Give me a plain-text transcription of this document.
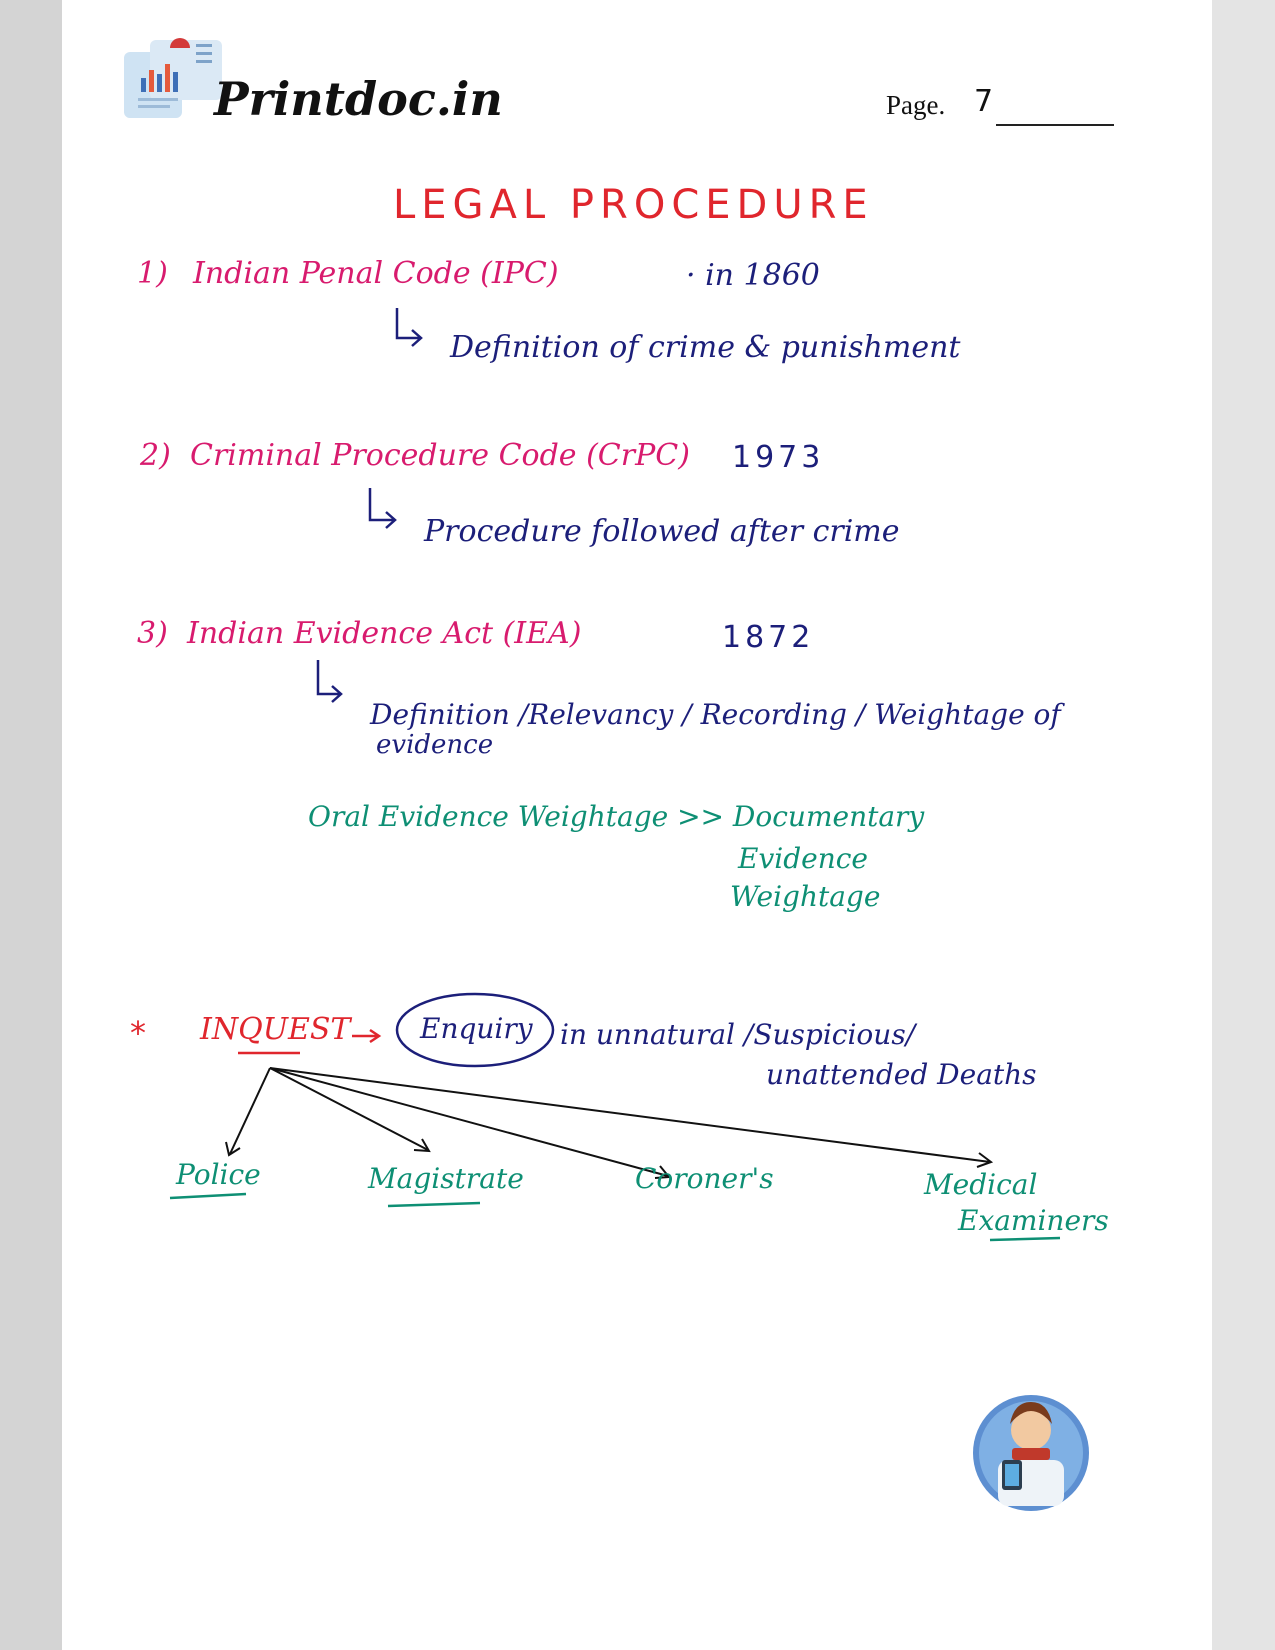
Printdoc.in	Page. 7
LEGAL PROCEDURE
1) Indian Penal Code (IPC)	· in 1860
Definition of crime & punishment
2) Criminal Procedure Code (CrPC) 1973
Procedure followed after crime
3) Indian Evidence Act (IEA)	1872
Definition /Relevancy / Recording / Weightage of
evidence
Oral Evidence Weightage >> Documentary
Evidence
Weightage
* INQUEST Enquiry in unnatural /Suspicious/
unattended Deaths
Police	Magistrate	Coroner's	Medical
Examiners
